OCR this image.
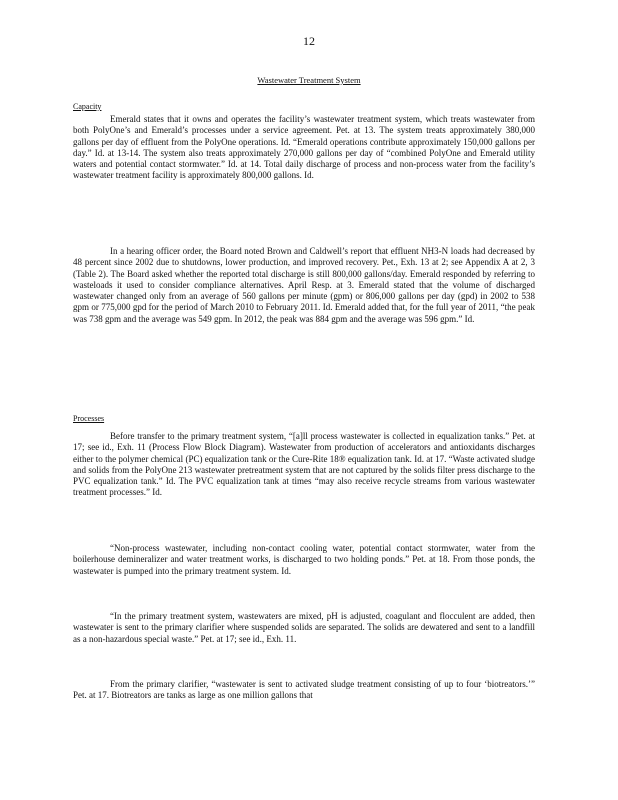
12
Wastewater Treatment System
Capacity

Emerald states that it owns and operates the facility’s wastewater treatment system, which treats wastewater from both PolyOne’s and Emerald’s processes under a service agreement. Pet. at 13. The system treats approximately 380,000 gallons per day of effluent from the PolyOne operations. Id. “Emerald operations contribute approximately 150,000 gallons per day.” Id. at 13-14. The system also treats approximately 270,000 gallons per day of “combined PolyOne and Emerald utility waters and potential contact stormwater.” Id. at 14. Total daily discharge of process and non-process water from the facility’s wastewater treatment facility is approximately 800,000 gallons. Id.

In a hearing officer order, the Board noted Brown and Caldwell’s report that effluent NH3-N loads had decreased by 48 percent since 2002 due to shutdowns, lower production, and improved recovery. Pet., Exh. 13 at 2; see Appendix A at 2, 3 (Table 2). The Board asked whether the reported total discharge is still 800,000 gallons/day. Emerald responded by referring to wasteloads it used to consider compliance alternatives. April Resp. at 3. Emerald stated that the volume of discharged wastewater changed only from an average of 560 gallons per minute (gpm) or 806,000 gallons per day (gpd) in 2002 to 538 gpm or 775,000 gpd for the period of March 2010 to February 2011. Id. Emerald added that, for the full year of 2011, “the peak was 738 gpm and the average was 549 gpm. In 2012, the peak was 884 gpm and the average was 596 gpm.” Id.

Processes

Before transfer to the primary treatment system, “[a]ll process wastewater is collected in equalization tanks.” Pet. at 17; see id., Exh. 11 (Process Flow Block Diagram). Wastewater from production of accelerators and antioxidants discharges either to the polymer chemical (PC) equalization tank or the Cure-Rite 18® equalization tank. Id. at 17. “Waste activated sludge and solids from the PolyOne 213 wastewater pretreatment system that are not captured by the solids filter press discharge to the PVC equalization tank.” Id. The PVC equalization tank at times “may also receive recycle streams from various wastewater treatment processes.” Id.

“Non-process wastewater, including non-contact cooling water, potential contact stormwater, water from the boilerhouse demineralizer and water treatment works, is discharged to two holding ponds.” Pet. at 18. From those ponds, the wastewater is pumped into the primary treatment system. Id.

“In the primary treatment system, wastewaters are mixed, pH is adjusted, coagulant and flocculent are added, then wastewater is sent to the primary clarifier where suspended solids are separated. The solids are dewatered and sent to a landfill as a non-hazardous special waste.” Pet. at 17; see id., Exh. 11.

From the primary clarifier, “wastewater is sent to activated sludge treatment consisting of up to four ‘biotreators.’” Pet. at 17. Biotreators are tanks as large as one million gallons that
